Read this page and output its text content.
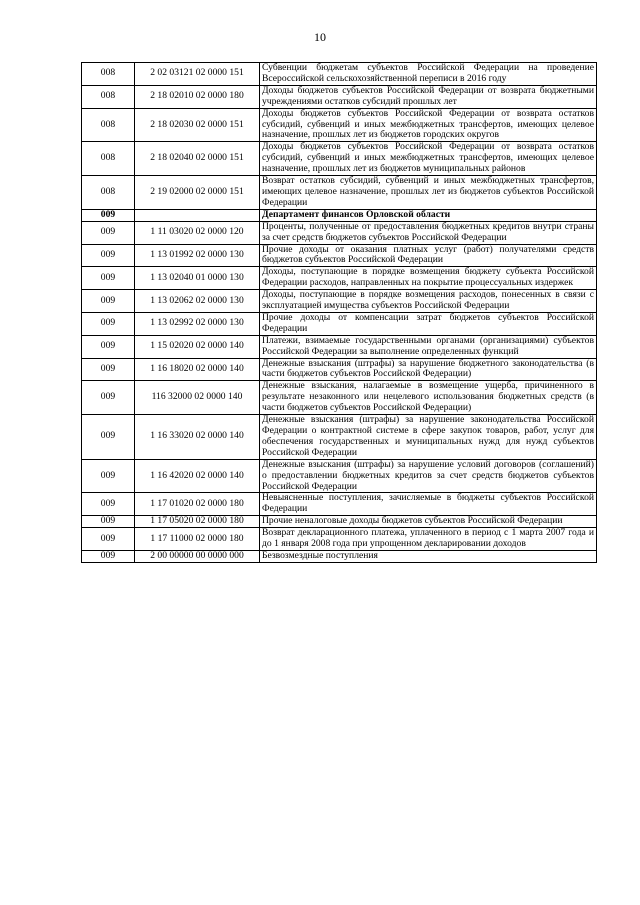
10
008	2 02 03121 02 0000 151	Субвенции бюджетам субъектов Российской Федерации на проведение Всероссийской сельскохозяйственной переписи в 2016 году
008	2 18 02010 02 0000 180	Доходы бюджетов субъектов Российской Федерации от возврата бюджетными учреждениями остатков субсидий прошлых лет
008	2 18 02030 02 0000 151	Доходы бюджетов субъектов Российской Федерации от возврата остатков субсидий, субвенций и иных межбюджетных трансфертов, имеющих целевое назначение, прошлых лет из бюджетов городских округов
008	2 18 02040 02 0000 151	Доходы бюджетов субъектов Российской Федерации от возврата остатков субсидий, субвенций и иных межбюджетных трансфертов, имеющих целевое назначение, прошлых лет из бюджетов муниципальных районов
008	2 19 02000 02 0000 151	Возврат остатков субсидий, субвенций и иных межбюджетных трансфертов, имеющих целевое назначение, прошлых лет из бюджетов субъектов Российской Федерации
009		Департамент финансов Орловской области
009	1 11 03020 02 0000 120	Проценты, полученные от предоставления бюджетных кредитов внутри страны за счет средств бюджетов субъектов Российской Федерации
009	1 13 01992 02 0000 130	Прочие доходы от оказания платных услуг (работ) получателями средств бюджетов субъектов Российской Федерации
009	1 13 02040 01 0000 130	Доходы, поступающие в порядке возмещения бюджету субъекта Российской Федерации расходов, направленных на покрытие процессуальных издержек
009	1 13 02062 02 0000 130	Доходы, поступающие в порядке возмещения расходов, понесенных в связи с эксплуатацией имущества субъектов Российской Федерации
009	1 13 02992 02 0000 130	Прочие доходы от компенсации затрат бюджетов субъектов Российской Федерации
009	1 15 02020 02 0000 140	Платежи, взимаемые государственными органами (организациями) субъектов Российской Федерации за выполнение определенных функций
009	1 16 18020 02 0000 140	Денежные взыскания (штрафы) за нарушение бюджетного законодательства (в части бюджетов субъектов Российской Федерации)
009	116 32000 02 0000 140	Денежные взыскания, налагаемые в возмещение ущерба, причиненного в результате незаконного или нецелевого использования бюджетных средств (в части бюджетов субъектов Российской Федерации)
009	1 16 33020 02 0000 140	Денежные взыскания (штрафы) за нарушение законодательства Российской Федерации о контрактной системе в сфере закупок товаров, работ, услуг для обеспечения государственных и муниципальных нужд для нужд субъектов Российской Федерации
009	1 16 42020 02 0000 140	Денежные взыскания (штрафы) за нарушение условий договоров (соглашений) о предоставлении бюджетных кредитов за счет средств бюджетов субъектов Российской Федерации
009	1 17 01020 02 0000 180	Невыясненные поступления, зачисляемые в бюджеты субъектов Российской Федерации
009	1 17 05020 02 0000 180	Прочие неналоговые доходы бюджетов субъектов Российской Федерации
009	1 17 11000 02 0000 180	Возврат декларационного платежа, уплаченного в период с 1 марта 2007 года и до 1 января 2008 года при упрощенном декларировании доходов
009	2 00 00000 00 0000 000	Безвозмездные поступления
